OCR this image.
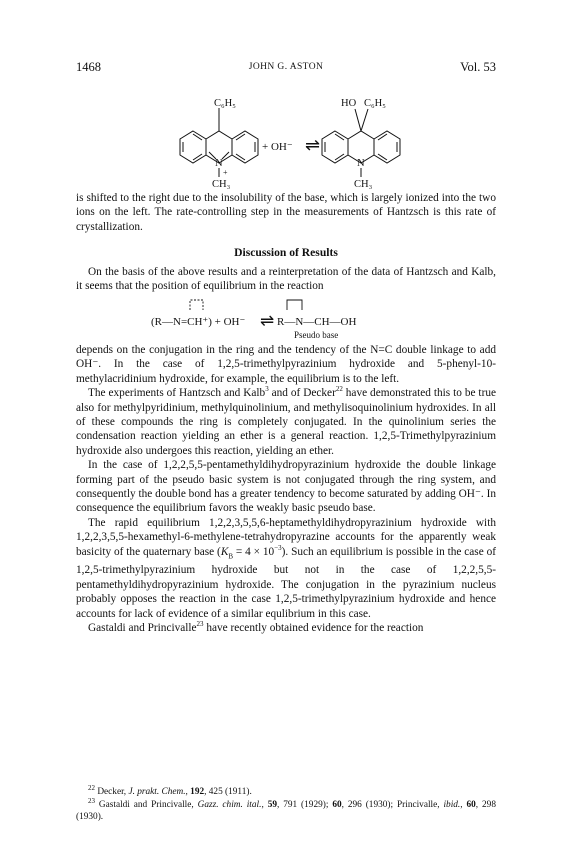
1468	JOHN G. ASTON	Vol. 53
C₆H₅
N
+
CH₃
+ OH⁻ ⇌
HO C₆H₅
N
CH₃

is shifted to the right due to the insolubility of the base, which is largely ionized into the two ions on the left. The rate-controlling step in the measurements of Hantzsch is this rate of crystallization.

Discussion of Results

On the basis of the above results and a reinterpretation of the data of Hantzsch and Kalb, it seems that the position of equilibrium in the reaction

(R—N=CH⁺) + OH⁻ ⇌ R—N—CH—OH
Pseudo base

depends on the conjugation in the ring and the tendency of the N=C double linkage to add OH⁻. In the case of 1,2,5-trimethylpyrazinium hydroxide and 5-phenyl-10-methylacridinium hydroxide, for example, the equilibrium is to the left.

The experiments of Hantzsch and Kalb$^3$ and of Decker$^{22}$ have demonstrated this to be true also for methylpyridinium, methylquinolinium, and methylisoquinolinium hydroxides. In all of these compounds the ring is completely conjugated. In the quinolinium series the condensation reaction yielding an ether is a general reaction. 1,2,5-Trimethylpyrazinium hydroxide also undergoes this reaction, yielding an ether.

In the case of 1,2,2,5,5-pentamethyldihydropyrazinium hydroxide the double linkage forming part of the pseudo basic system is not conjugated through the ring system, and consequently the double bond has a greater tendency to become saturated by adding OH⁻. In consequence the equilibrium favors the weakly basic pseudo base.

The rapid equilibrium 1,2,2,3,5,5,6-heptamethyldihydropyrazinium hydroxide with 1,2,2,3,5,5-hexamethyl-6-methylene-tetrahydropyrazine accounts for the apparently weak basicity of the quaternary base $(K_B = 4 \times 10^{-3})$. Such an equilibrium is possible in the case of 1,2,5-trimethylpyrazinium hydroxide but not in the case of 1,2,2,5,5-pentamethyldihydropyrazinium hydroxide. The conjugation in the pyrazinium nucleus probably opposes the reaction in the case 1,2,5-trimethylpyrazinium hydroxide and hence accounts for lack of evidence of a similar equlibrium in this case.

Gastaldi and Princivalle$^{23}$ have recently obtained evidence for the reaction

$^{22}$ Decker, J. prakt. Chem., 192, 425 (1911).

$^{23}$ Gastaldi and Princivalle, Gazz. chim. ital., 59, 791 (1929); 60, 296 (1930); Princivalle, ibid., 60, 298 (1930).
